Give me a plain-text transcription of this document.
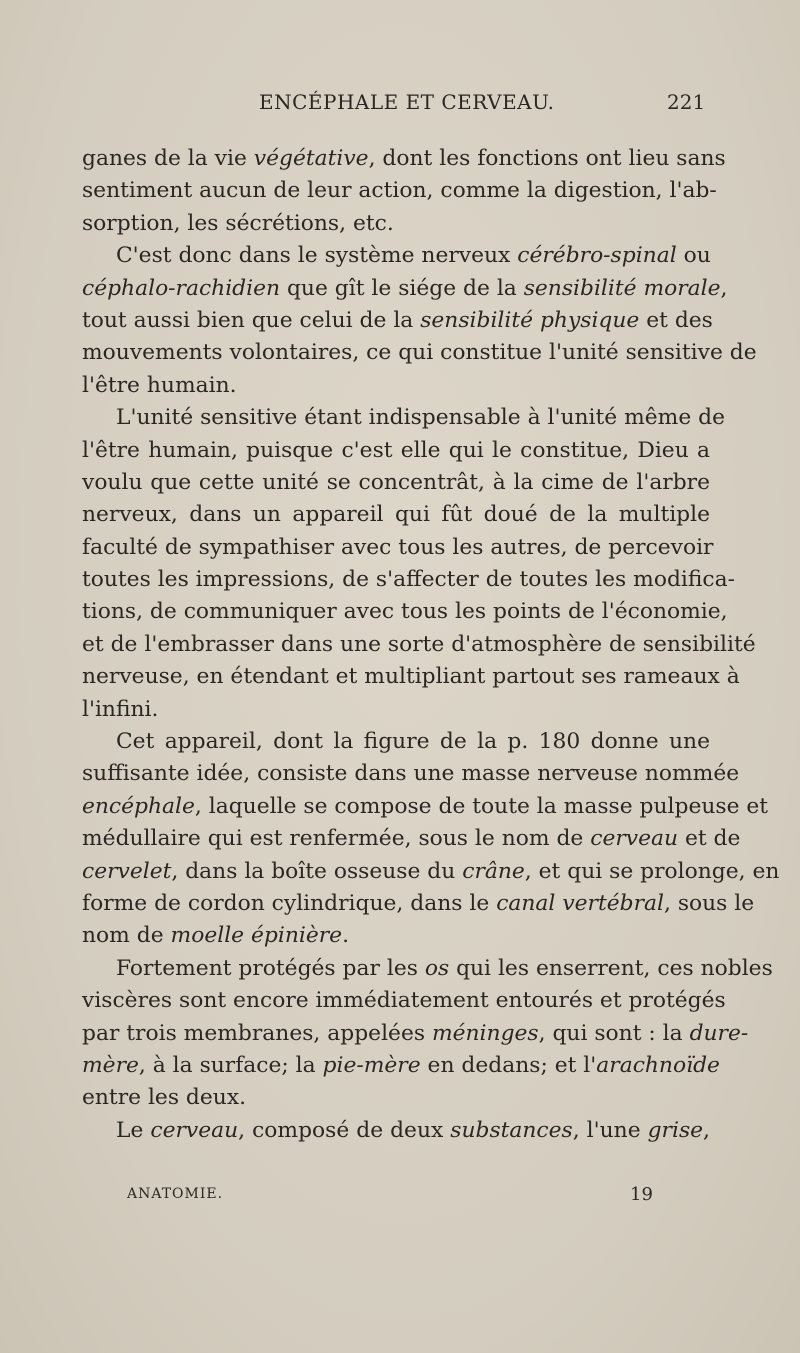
ENCÉPHALE ET CERVEAU.	221
ganes de la vie végétative, dont les fonctions ont lieu sans
sentiment aucun de leur action, comme la digestion, l'ab-
sorption, les sécrétions, etc.
C'est donc dans le système nerveux cérébro-spinal ou
céphalo-rachidien que gît le siége de la sensibilité morale,
tout aussi bien que celui de la sensibilité physique et des
mouvements volontaires, ce qui constitue l'unité sensitive de
l'être humain.
L'unité sensitive étant indispensable à l'unité même de
l'être humain, puisque c'est elle qui le constitue, Dieu a
voulu que cette unité se concentrât, à la cime de l'arbre
nerveux, dans un appareil qui fût doué de la multiple
faculté de sympathiser avec tous les autres, de percevoir
toutes les impressions, de s'affecter de toutes les modifica-
tions, de communiquer avec tous les points de l'économie,
et de l'embrasser dans une sorte d'atmosphère de sensibilité
nerveuse, en étendant et multipliant partout ses rameaux à
l'infini.
Cet appareil, dont la figure de la p. 180 donne une
suffisante idée, consiste dans une masse nerveuse nommée
encéphale, laquelle se compose de toute la masse pulpeuse et
médullaire qui est renfermée, sous le nom de cerveau et de
cervelet, dans la boîte osseuse du crâne, et qui se prolonge, en
forme de cordon cylindrique, dans le canal vertébral, sous le
nom de moelle épinière.
Fortement protégés par les os qui les enserrent, ces nobles
viscères sont encore immédiatement entourés et protégés
par trois membranes, appelées méninges, qui sont : la dure-
mère, à la surface; la pie-mère en dedans; et l'arachnoïde
entre les deux.
Le cerveau, composé de deux substances, l'une grise,
ANATOMIE.	19
